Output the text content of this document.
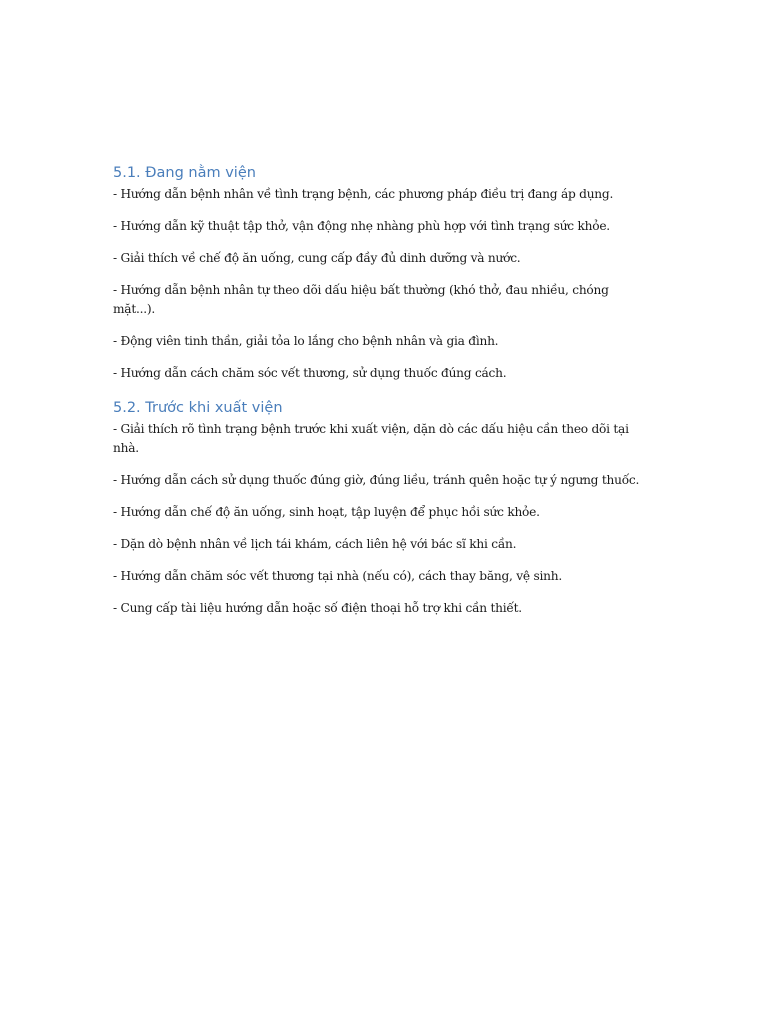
5.1. Đang nằm viện
- Hướng dẫn bệnh nhân về tình trạng bệnh, các phương pháp điều trị đang áp dụng.
- Hướng dẫn kỹ thuật tập thở, vận động nhẹ nhàng phù hợp với tình trạng sức khỏe.
- Giải thích về chế độ ăn uống, cung cấp đầy đủ dinh dưỡng và nước.
- Hướng dẫn bệnh nhân tự theo dõi dấu hiệu bất thường (khó thở, đau nhiều, chóng mặt...).
- Động viên tinh thần, giải tỏa lo lắng cho bệnh nhân và gia đình.
- Hướng dẫn cách chăm sóc vết thương, sử dụng thuốc đúng cách.
5.2. Trước khi xuất viện
- Giải thích rõ tình trạng bệnh trước khi xuất viện, dặn dò các dấu hiệu cần theo dõi tại nhà.
- Hướng dẫn cách sử dụng thuốc đúng giờ, đúng liều, tránh quên hoặc tự ý ngưng thuốc.
- Hướng dẫn chế độ ăn uống, sinh hoạt, tập luyện để phục hồi sức khỏe.
- Dặn dò bệnh nhân về lịch tái khám, cách liên hệ với bác sĩ khi cần.
- Hướng dẫn chăm sóc vết thương tại nhà (nếu có), cách thay băng, vệ sinh.
- Cung cấp tài liệu hướng dẫn hoặc số điện thoại hỗ trợ khi cần thiết.
